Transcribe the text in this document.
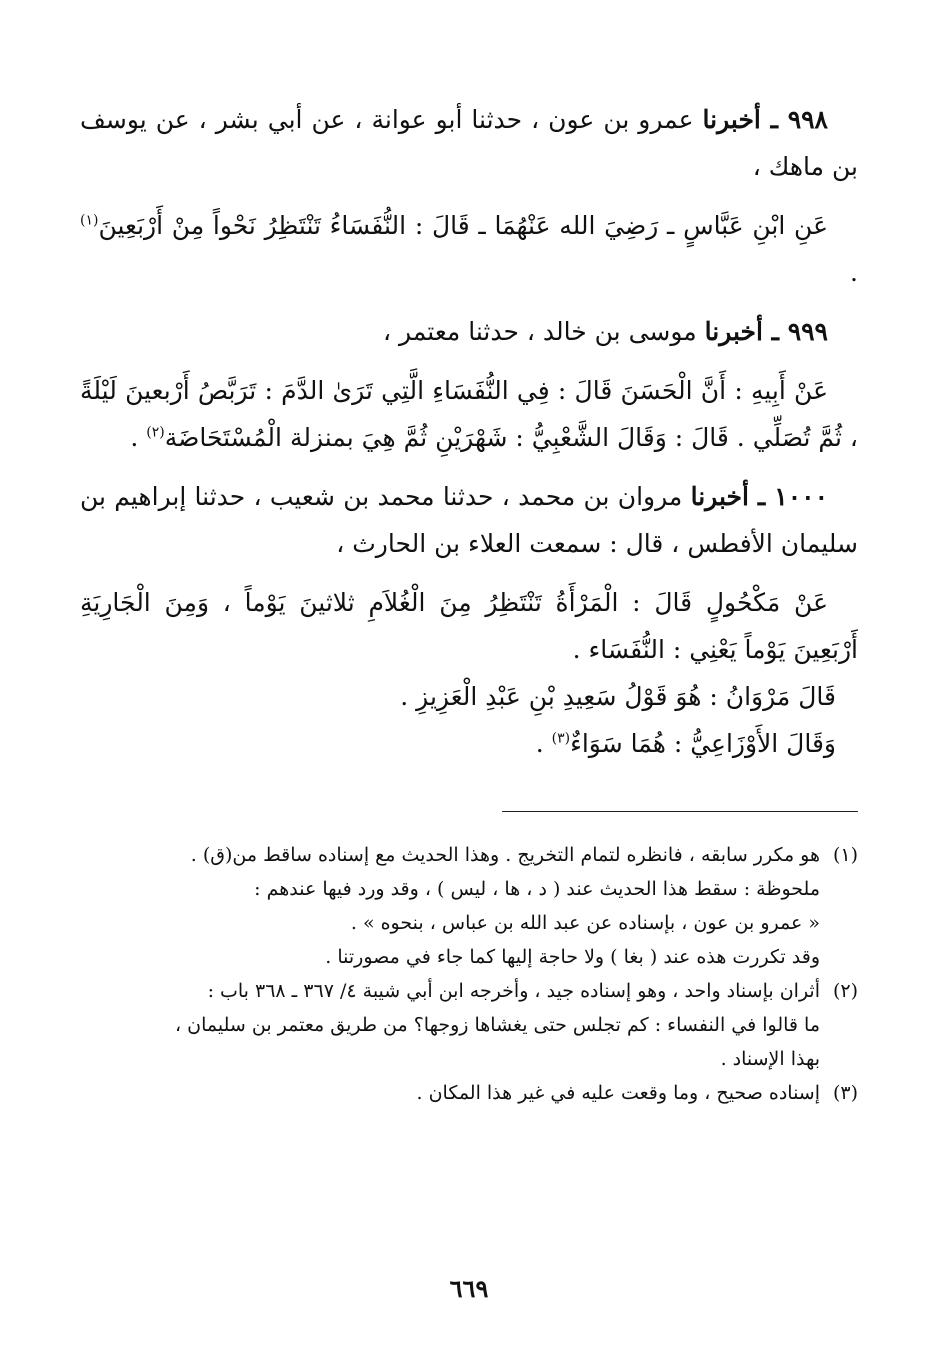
٩٩٨ ـ أخبرنا عمرو بن عون ، حدثنا أبو عوانة ، عن أبي بشر ، عن يوسف بن ماهك ،

عَنِ ابْنِ عَبَّاسٍ ـ رَضِيَ الله عَنْهُمَا ـ قَالَ : النُّفَسَاءُ تَنْتَظِرُ نَحْواً مِنْ أَرْبَعِينَ$^{(١)}$ .

٩٩٩ ـ أخبرنا موسى بن خالد ، حدثنا معتمر ،

عَنْ أَبِيهِ : أَنَّ الْحَسَنَ قَالَ : فِي النُّفَسَاءِ الَّتِي تَرَىٰ الدَّمَ : تَرَبَّصُ أَرْبعينَ لَيْلَةً ، ثُمَّ تُصَلِّي . قَالَ : وَقَالَ الشَّعْبِيُّ : شَهْرَيْنِ ثُمَّ هِيَ بمنزلة الْمُسْتَحَاضَة$^{(٢)}$ .

١٠٠٠ ـ أخبرنا مروان بن محمد ، حدثنا محمد بن شعيب ، حدثنا إبراهيم بن سليمان الأفطس ، قال : سمعت العلاء بن الحارث ،

عَنْ مَكْحُولٍ قَالَ : الْمَرْأَةُ تَنْتَظِرُ مِنَ الْغُلاَمِ ثلاثينَ يَوْماً ، وَمِنَ الْجَارِيَةِ أَرْبَعِينَ يَوْماً يَعْنِي : النُّفَسَاء .

قَالَ مَرْوَانُ : هُوَ قَوْلُ سَعِيدِ بْنِ عَبْدِ الْعَزِيزِ .

وَقَالَ الأَوْزَاعِيُّ : هُمَا سَوَاءٌ$^{(٣)}$ .

(١)
هو مكرر سابقه ، فانظره لتمام التخريج . وهذا الحديث مع إسناده ساقط من(ق) .
ملحوظة : سقط هذا الحديث عند ( د ، ها ، ليس ) ، وقد ورد فيها عندهم :
« عمرو بن عون ، بإسناده عن عبد الله بن عباس ، بنحوه » .
وقد تكررت هذه عند ( بغا ) ولا حاجة إليها كما جاء في مصورتنا .
(٢)
أثران بإسناد واحد ، وهو إسناده جيد ، وأخرجه ابن أبي شيبة ٤/ ٣٦٧ ـ ٣٦٨ باب :
ما قالوا في النفساء : كم تجلس حتى يغشاها زوجها؟ من طريق معتمر بن سليمان ،
بهذا الإسناد .
(٣)
إسناده صحيح ، وما وقعت عليه في غير هذا المكان .
٦٦٩
